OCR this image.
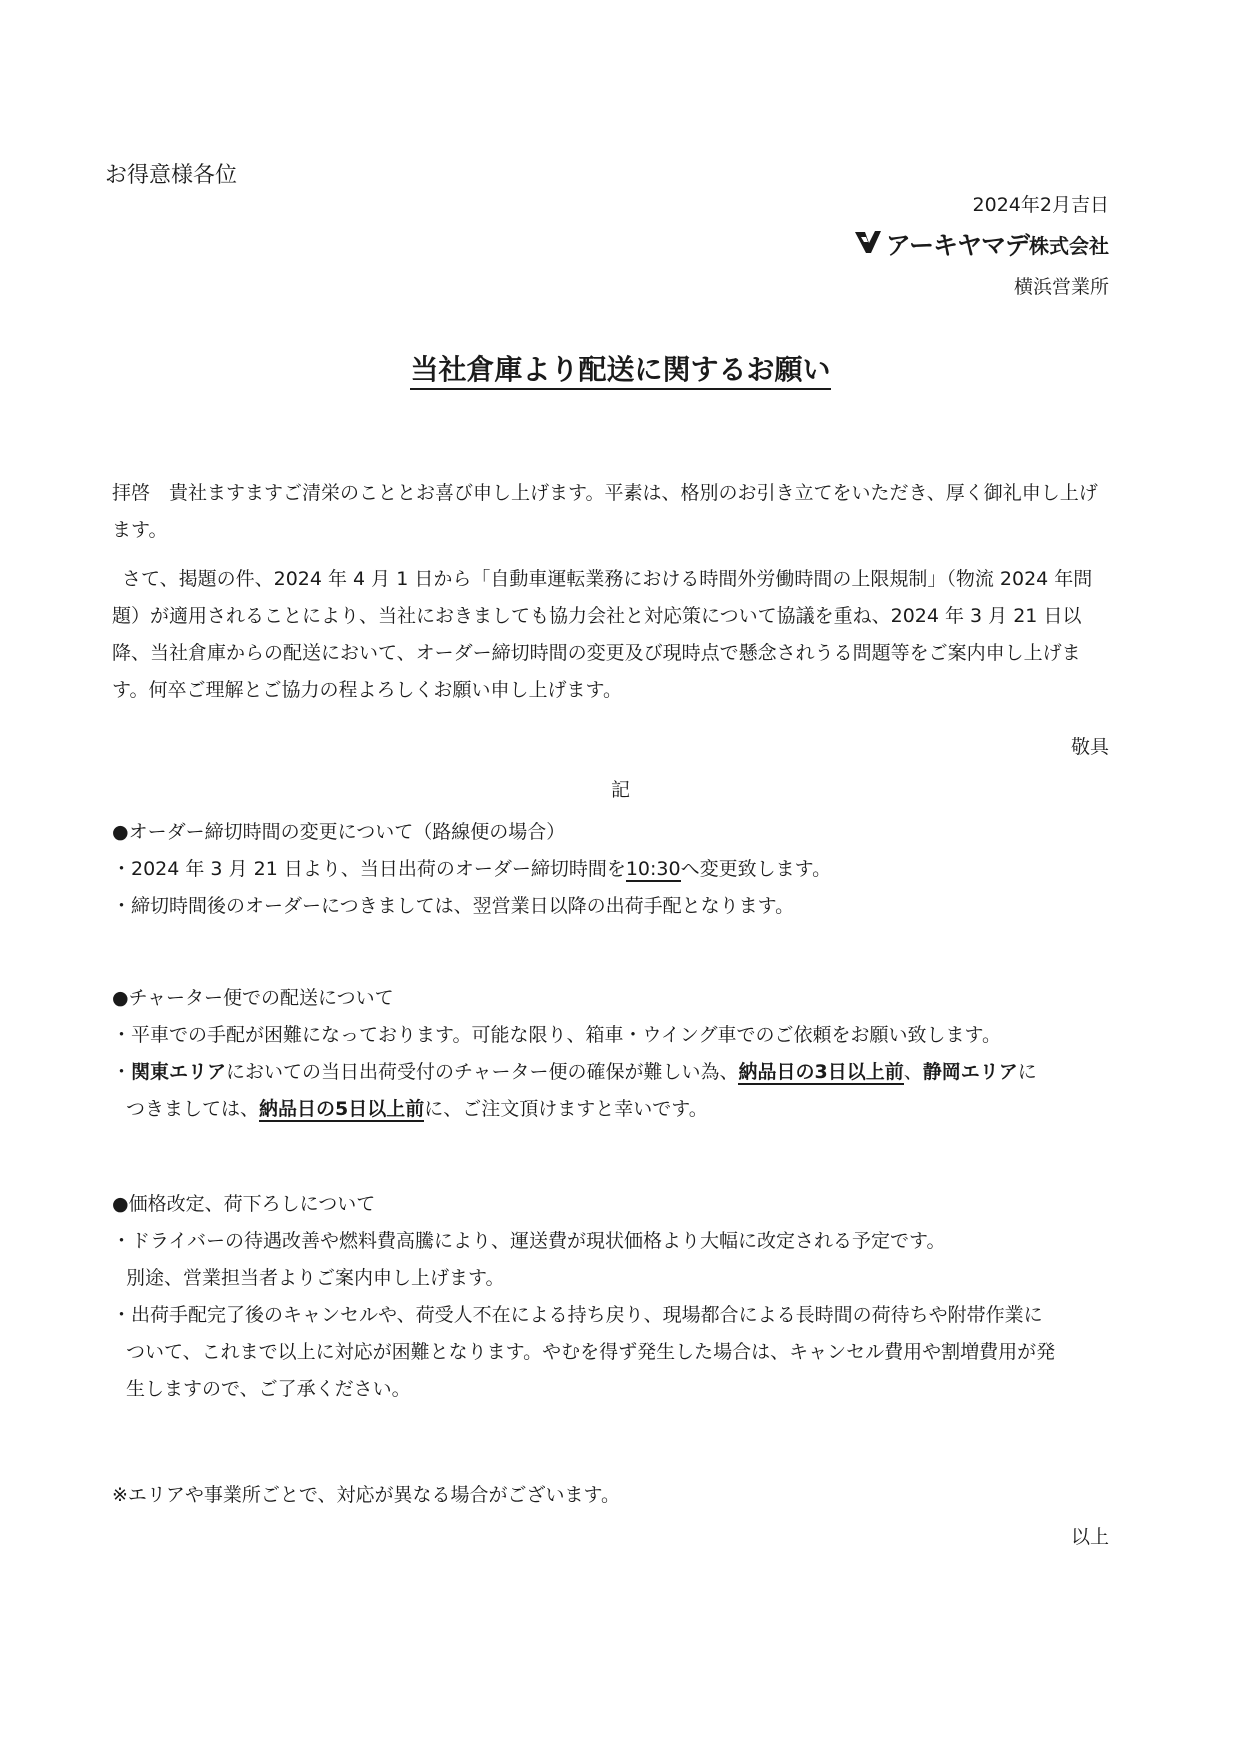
お得意様各位
2024年2月吉日
アーキヤマデ 株式会社
横浜営業所
当社倉庫より配送に関するお願い
拝啓　貴社ますますご清栄のこととお喜び申し上げます。平素は、格別のお引き立てをいただき、厚く御礼申し上げます。
さて、掲題の件、2024 年 4 月 1 日から「自動車運転業務における時間外労働時間の上限規制」（物流 2024 年問題）が適用されることにより、当社におきましても協力会社と対応策について協議を重ね、2024 年 3 月 21 日以降、当社倉庫からの配送において、オーダー締切時間の変更及び現時点で懸念されうる問題等をご案内申し上げます。何卒ご理解とご協力の程よろしくお願い申し上げます。
敬具
記
●オーダー締切時間の変更について（路線便の場合）
・2024 年 3 月 21 日より、当日出荷のオーダー締切時間を10:30へ変更致します。
・締切時間後のオーダーにつきましては、翌営業日以降の出荷手配となります。
●チャーター便での配送について
・平車での手配が困難になっております。可能な限り、箱車・ウイング車でのご依頼をお願い致します。
・関東エリアにおいての当日出荷受付のチャーター便の確保が難しい為、納品日の3日以上前、静岡エリアに
つきましては、納品日の5日以上前に、ご注文頂けますと幸いです。
●価格改定、荷下ろしについて
・ドライバーの待遇改善や燃料費高騰により、運送費が現状価格より大幅に改定される予定です。
別途、営業担当者よりご案内申し上げます。
・出荷手配完了後のキャンセルや、荷受人不在による持ち戻り、現場都合による長時間の荷待ちや附帯作業に
ついて、これまで以上に対応が困難となります。やむを得ず発生した場合は、キャンセル費用や割増費用が発
生しますので、ご了承ください。
※エリアや事業所ごとで、対応が異なる場合がございます。
以上
